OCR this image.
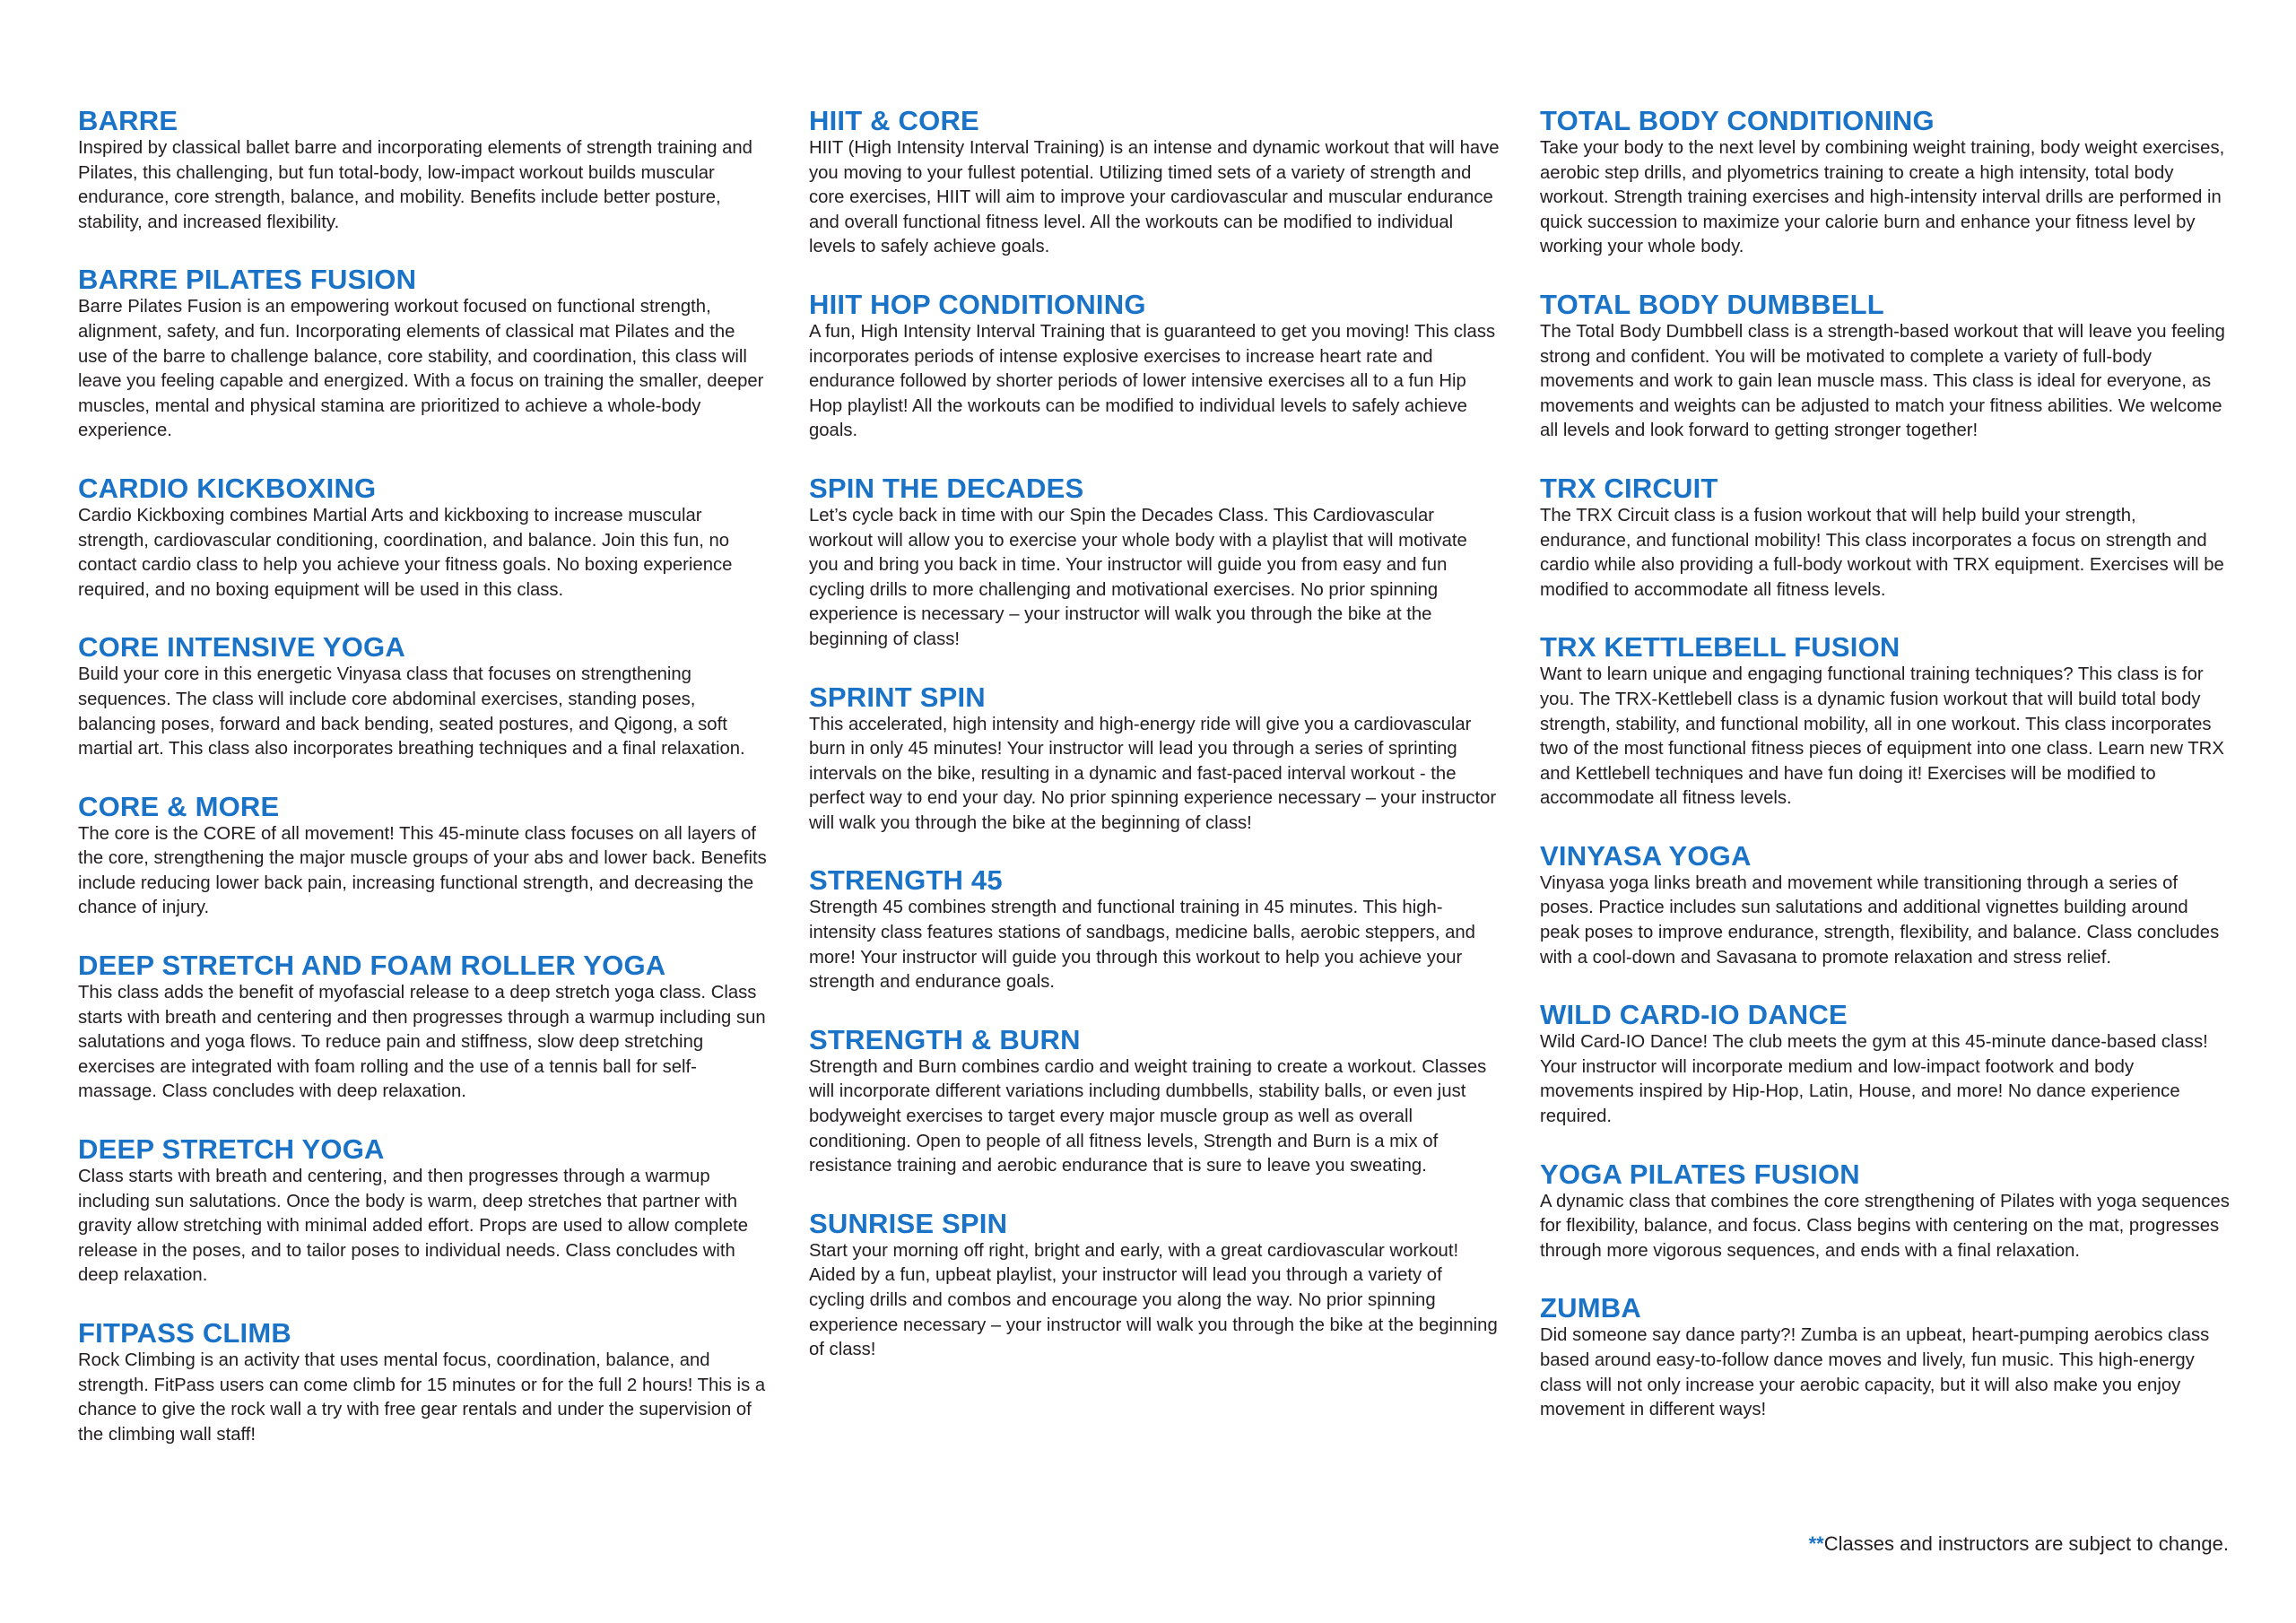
BARRE

Inspired by classical ballet barre and incorporating elements of strength training and Pilates, this challenging, but fun total-body, low-impact workout builds muscular endurance, core strength, balance, and mobility. Benefits include better posture, stability, and increased flexibility.

BARRE PILATES FUSION

Barre Pilates Fusion is an empowering workout focused on functional strength, alignment, safety, and fun. Incorporating elements of classical mat Pilates and the use of the barre to challenge balance, core stability, and coordination, this class will leave you feeling capable and energized. With a focus on training the smaller, deeper muscles, mental and physical stamina are prioritized to achieve a whole-body experience.

CARDIO KICKBOXING

Cardio Kickboxing combines Martial Arts and kickboxing to increase muscular strength, cardiovascular conditioning, coordination, and balance. Join this fun, no contact cardio class to help you achieve your fitness goals. No boxing experience required, and no boxing equipment will be used in this class.

CORE INTENSIVE YOGA

Build your core in this energetic Vinyasa class that focuses on strengthening sequences. The class will include core abdominal exercises, standing poses, balancing poses, forward and back bending, seated postures, and Qigong, a soft martial art. This class also incorporates breathing techniques and a final relaxation.

CORE & MORE

The core is the CORE of all movement! This 45-minute class focuses on all layers of the core, strengthening the major muscle groups of your abs and lower back. Benefits include reducing lower back pain, increasing functional strength, and decreasing the chance of injury.

DEEP STRETCH AND FOAM ROLLER YOGA

This class adds the benefit of myofascial release to a deep stretch yoga class. Class starts with breath and centering and then progresses through a warmup including sun salutations and yoga flows. To reduce pain and stiffness, slow deep stretching exercises are integrated with foam rolling and the use of a tennis ball for self-massage. Class concludes with deep relaxation.

DEEP STRETCH YOGA

Class starts with breath and centering, and then progresses through a warmup including sun salutations. Once the body is warm, deep stretches that partner with gravity allow stretching with minimal added effort. Props are used to allow complete release in the poses, and to tailor poses to individual needs. Class concludes with deep relaxation.

FITPASS CLIMB

Rock Climbing is an activity that uses mental focus, coordination, balance, and strength. FitPass users can come climb for 15 minutes or for the full 2 hours! This is a chance to give the rock wall a try with free gear rentals and under the supervision of the climbing wall staff!

HIIT & CORE

HIIT (High Intensity Interval Training) is an intense and dynamic workout that will have you moving to your fullest potential. Utilizing timed sets of a variety of strength and core exercises, HIIT will aim to improve your cardiovascular and muscular endurance and overall functional fitness level. All the workouts can be modified to individual levels to safely achieve goals.

HIIT HOP CONDITIONING

A fun, High Intensity Interval Training that is guaranteed to get you moving! This class incorporates periods of intense explosive exercises to increase heart rate and endurance followed by shorter periods of lower intensive exercises all to a fun Hip Hop playlist! All the workouts can be modified to individual levels to safely achieve goals.

SPIN THE DECADES

Let’s cycle back in time with our Spin the Decades Class. This Cardiovascular workout will allow you to exercise your whole body with a playlist that will motivate you and bring you back in time. Your instructor will guide you from easy and fun cycling drills to more challenging and motivational exercises. No prior spinning experience is necessary – your instructor will walk you through the bike at the beginning of class!

SPRINT SPIN

This accelerated, high intensity and high-energy ride will give you a cardiovascular burn in only 45 minutes! Your instructor will lead you through a series of sprinting intervals on the bike, resulting in a dynamic and fast-paced interval workout - the perfect way to end your day. No prior spinning experience necessary – your instructor will walk you through the bike at the beginning of class!

STRENGTH 45

Strength 45 combines strength and functional training in 45 minutes. This high-intensity class features stations of sandbags, medicine balls, aerobic steppers, and more! Your instructor will guide you through this workout to help you achieve your strength and endurance goals.

STRENGTH & BURN

Strength and Burn combines cardio and weight training to create a workout. Classes will incorporate different variations including dumbbells, stability balls, or even just bodyweight exercises to target every major muscle group as well as overall conditioning. Open to people of all fitness levels, Strength and Burn is a mix of resistance training and aerobic endurance that is sure to leave you sweating.

SUNRISE SPIN

Start your morning off right, bright and early, with a great cardiovascular workout! Aided by a fun, upbeat playlist, your instructor will lead you through a variety of cycling drills and combos and encourage you along the way. No prior spinning experience necessary – your instructor will walk you through the bike at the beginning of class!

TOTAL BODY CONDITIONING

Take your body to the next level by combining weight training, body weight exercises, aerobic step drills, and plyometrics training to create a high intensity, total body workout. Strength training exercises and high-intensity interval drills are performed in quick succession to maximize your calorie burn and enhance your fitness level by working your whole body.

TOTAL BODY DUMBBELL

The Total Body Dumbbell class is a strength-based workout that will leave you feeling strong and confident. You will be motivated to complete a variety of full-body movements and work to gain lean muscle mass. This class is ideal for everyone, as movements and weights can be adjusted to match your fitness abilities. We welcome all levels and look forward to getting stronger together!

TRX CIRCUIT

The TRX Circuit class is a fusion workout that will help build your strength, endurance, and functional mobility! This class incorporates a focus on strength and cardio while also providing a full-body workout with TRX equipment. Exercises will be modified to accommodate all fitness levels.

TRX KETTLEBELL FUSION

Want to learn unique and engaging functional training techniques? This class is for you. The TRX-Kettlebell class is a dynamic fusion workout that will build total body strength, stability, and functional mobility, all in one workout. This class incorporates two of the most functional fitness pieces of equipment into one class. Learn new TRX and Kettlebell techniques and have fun doing it! Exercises will be modified to accommodate all fitness levels.

VINYASA YOGA

Vinyasa yoga links breath and movement while transitioning through a series of poses. Practice includes sun salutations and additional vignettes building around peak poses to improve endurance, strength, flexibility, and balance. Class concludes with a cool-down and Savasana to promote relaxation and stress relief.

WILD CARD-IO DANCE

Wild Card-IO Dance! The club meets the gym at this 45-minute dance-based class! Your instructor will incorporate medium and low-impact footwork and body movements inspired by Hip-Hop, Latin, House, and more! No dance experience required.

YOGA PILATES FUSION

A dynamic class that combines the core strengthening of Pilates with yoga sequences for flexibility, balance, and focus. Class begins with centering on the mat, progresses through more vigorous sequences, and ends with a final relaxation.

ZUMBA

Did someone say dance party?! Zumba is an upbeat, heart-pumping aerobics class based around easy-to-follow dance moves and lively, fun music. This high-energy class will not only increase your aerobic capacity, but it will also make you enjoy movement in different ways!

**Classes and instructors are subject to change.
